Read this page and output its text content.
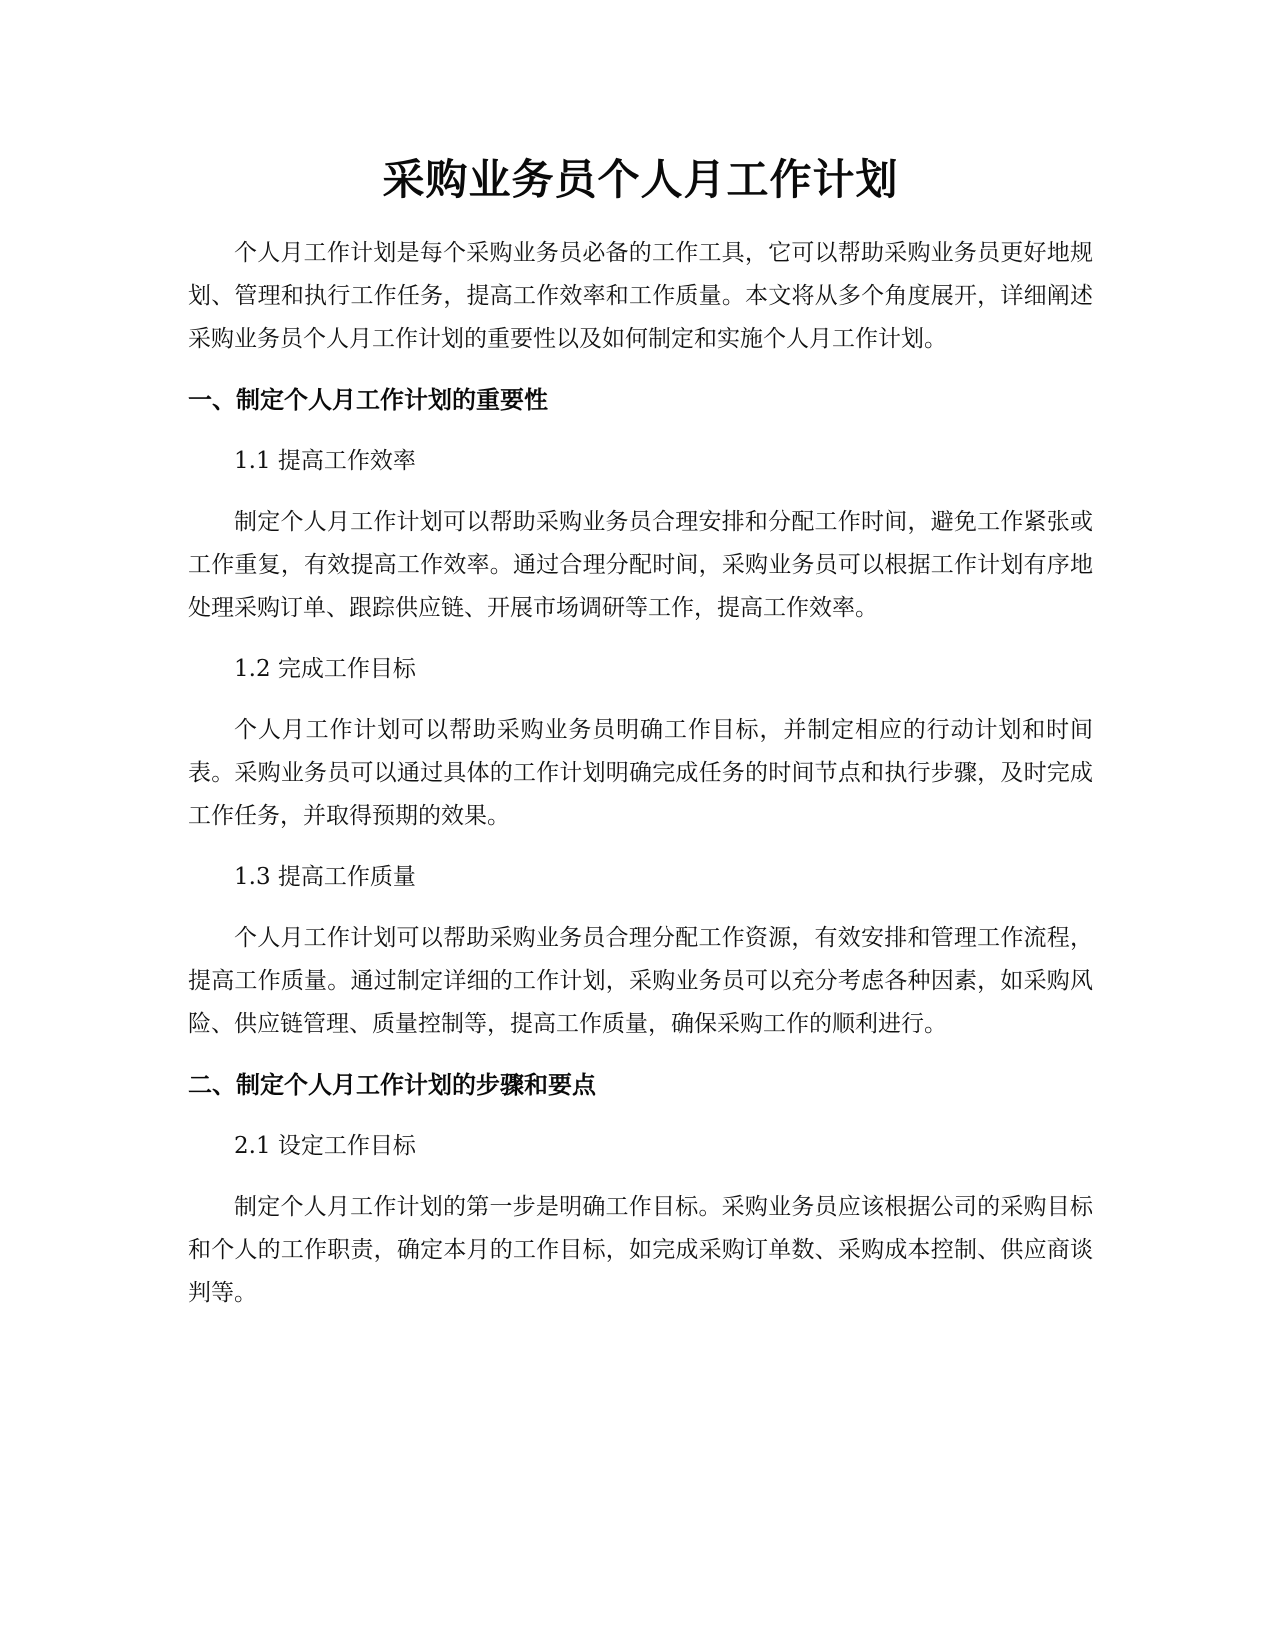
采购业务员个人月工作计划

个人月工作计划是每个采购业务员必备的工作工具，它可以帮助采购业务员更好地规划、管理和执行工作任务，提高工作效率和工作质量。本文将从多个角度展开，详细阐述采购业务员个人月工作计划的重要性以及如何制定和实施个人月工作计划。

一、制定个人月工作计划的重要性

1.1 提高工作效率

制定个人月工作计划可以帮助采购业务员合理安排和分配工作时间，避免工作紧张或工作重复，有效提高工作效率。通过合理分配时间，采购业务员可以根据工作计划有序地处理采购订单、跟踪供应链、开展市场调研等工作，提高工作效率。

1.2 完成工作目标

个人月工作计划可以帮助采购业务员明确工作目标，并制定相应的行动计划和时间表。采购业务员可以通过具体的工作计划明确完成任务的时间节点和执行步骤，及时完成工作任务，并取得预期的效果。

1.3 提高工作质量

个人月工作计划可以帮助采购业务员合理分配工作资源，有效安排和管理工作流程，提高工作质量。通过制定详细的工作计划，采购业务员可以充分考虑各种因素，如采购风险、供应链管理、质量控制等，提高工作质量，确保采购工作的顺利进行。

二、制定个人月工作计划的步骤和要点

2.1 设定工作目标

制定个人月工作计划的第一步是明确工作目标。采购业务员应该根据公司的采购目标和个人的工作职责，确定本月的工作目标，如完成采购订单数、采购成本控制、供应商谈判等。
